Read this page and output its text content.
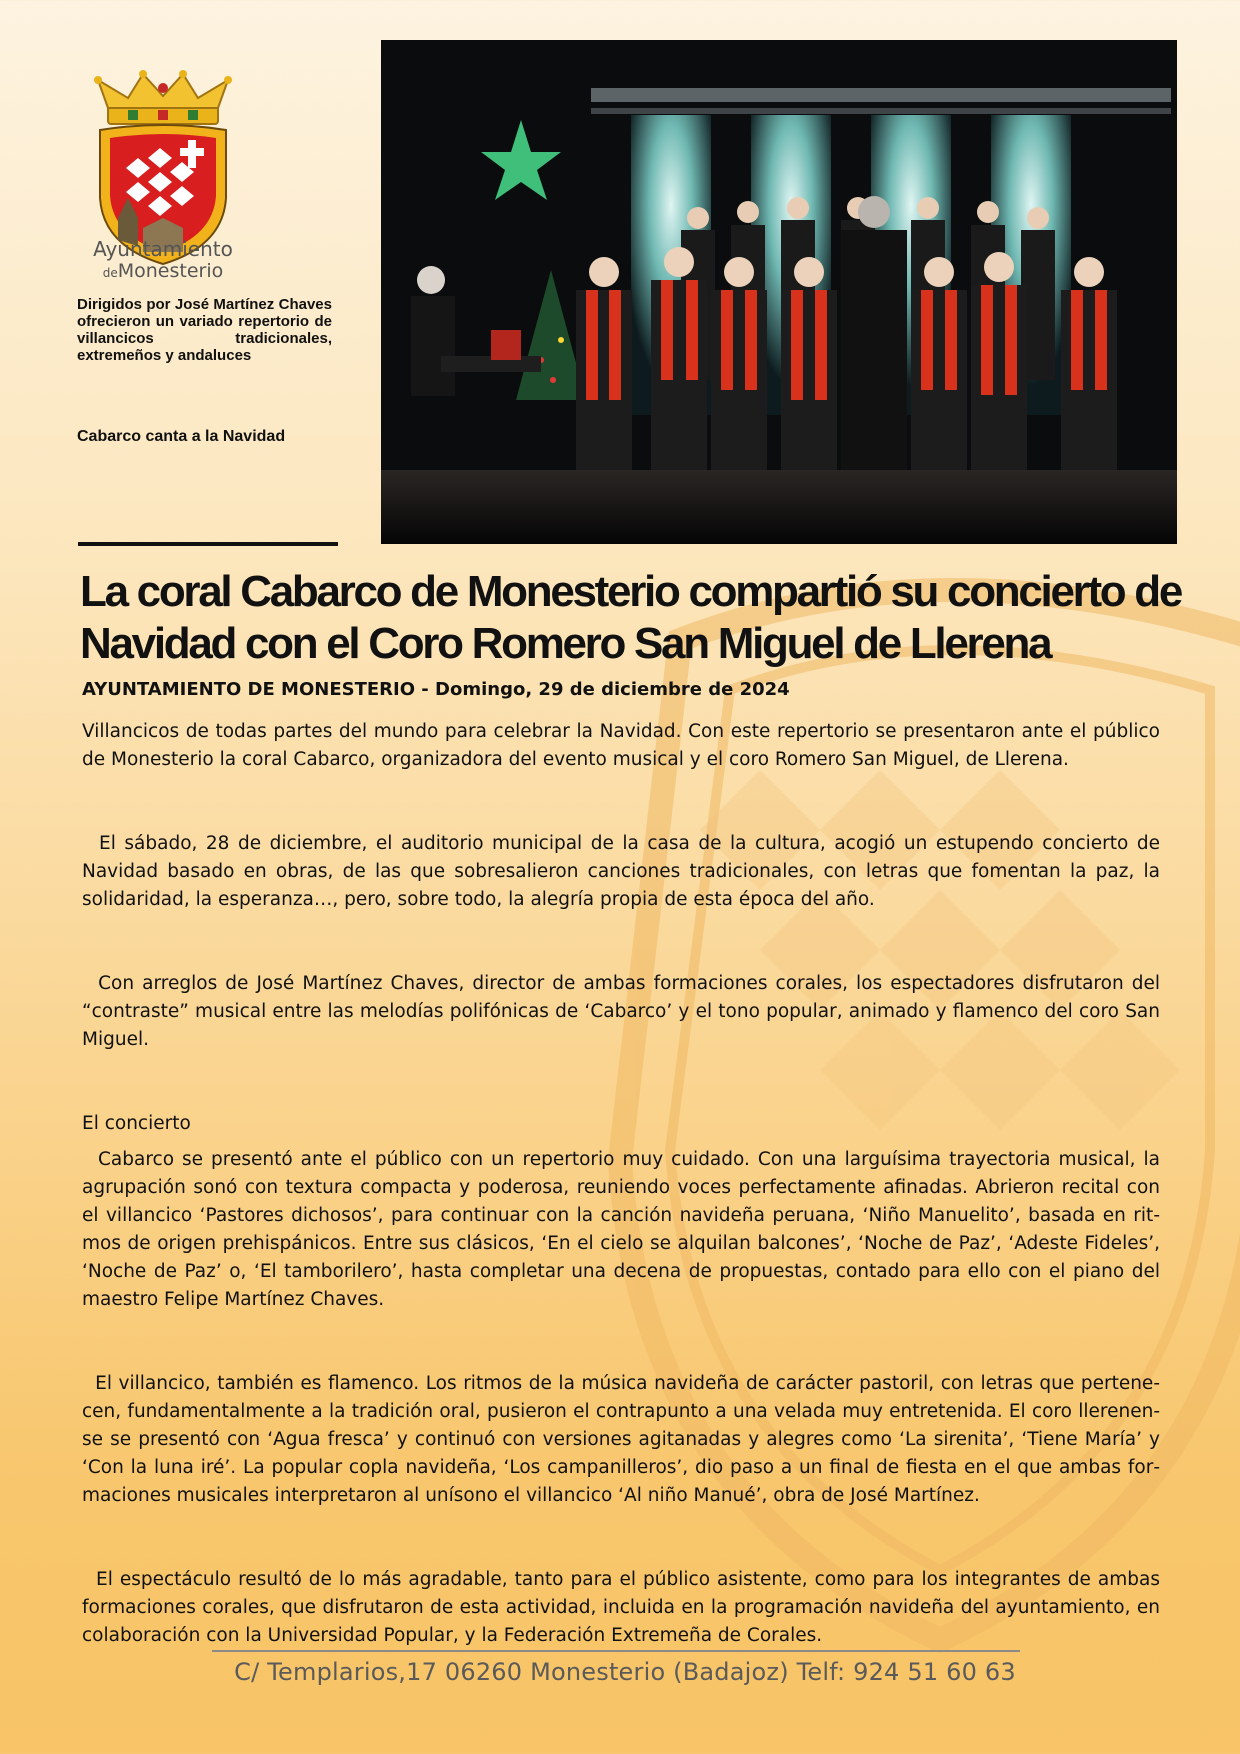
Ayuntamiento
deMonesterio
Dirigidos por José Martínez Chaves ofrecieron un variado repertorio de villancicos tradicionales, extremeños y andaluces
Cabarco canta a la Navidad
La coral Cabarco de Monesterio compartió su concierto de Navidad con el Coro Romero San Miguel de Llerena
AYUNTAMIENTO DE MONESTERIO - Domingo, 29 de diciembre de 2024

Villancicos de todas partes del mundo para celebrar la Navidad. Con este repertorio se presentaron ante el público de Monesterio la coral Cabarco, organizadora del evento musical y el coro Romero San Miguel, de Llerena.

El sábado, 28 de diciembre, el auditorio municipal de la casa de la cultura, acogió un estupendo concierto de Navidad basado en obras, de las que sobresalieron canciones tradicionales, con letras que fomentan la paz, la solidaridad, la esperanza…, pero, sobre todo, la alegría propia de esta época del año.

Con arreglos de José Martínez Chaves, director de ambas formaciones corales, los espectadores disfrutaron del “contraste” musical entre las melodías polifónicas de ‘Cabarco’ y el tono popular, animado y flamenco del coro San Miguel.

El concierto

Cabarco se presentó ante el público con un repertorio muy cuidado. Con una larguísima trayectoria musical, la agrupación sonó con textura compacta y poderosa, reuniendo voces perfectamente afinadas. Abrieron recital con el villancico ‘Pastores dichosos’, para continuar con la canción navideña peruana, ‘Niño Manuelito’, basada en ritmos de origen prehispánicos. Entre sus clásicos, ‘En el cielo se alquilan balcones’, ‘Noche de Paz’, ‘Adeste Fideles’, ‘Noche de Paz’ o, ‘El tamborilero’, hasta completar una decena de propuestas, contado para ello con el piano del maestro Felipe Martínez Chaves.

El villancico, también es flamenco. Los ritmos de la música navideña de carácter pastoril, con letras que pertenecen, fundamentalmente a la tradición oral, pusieron el contrapunto a una velada muy entretenida. El coro llerenense se presentó con ‘Agua fresca’ y continuó con versiones agitanadas y alegres como ‘La sirenita’, ‘Tiene María’ y ‘Con la luna iré’. La popular copla navideña, ‘Los campanilleros’, dio paso a un final de fiesta en el que ambas formaciones musicales interpretaron al unísono el villancico ‘Al niño Manué’, obra de José Martínez.

El espectáculo resultó de lo más agradable, tanto para el público asistente, como para los integrantes de ambas formaciones corales, que disfrutaron de esta actividad, incluida en la programación navideña del ayuntamiento, en colaboración con la Universidad Popular, y la Federación Extremeña de Corales.

C/ Templarios,17 06260 Monesterio (Badajoz) Telf: 924 51 60 63
